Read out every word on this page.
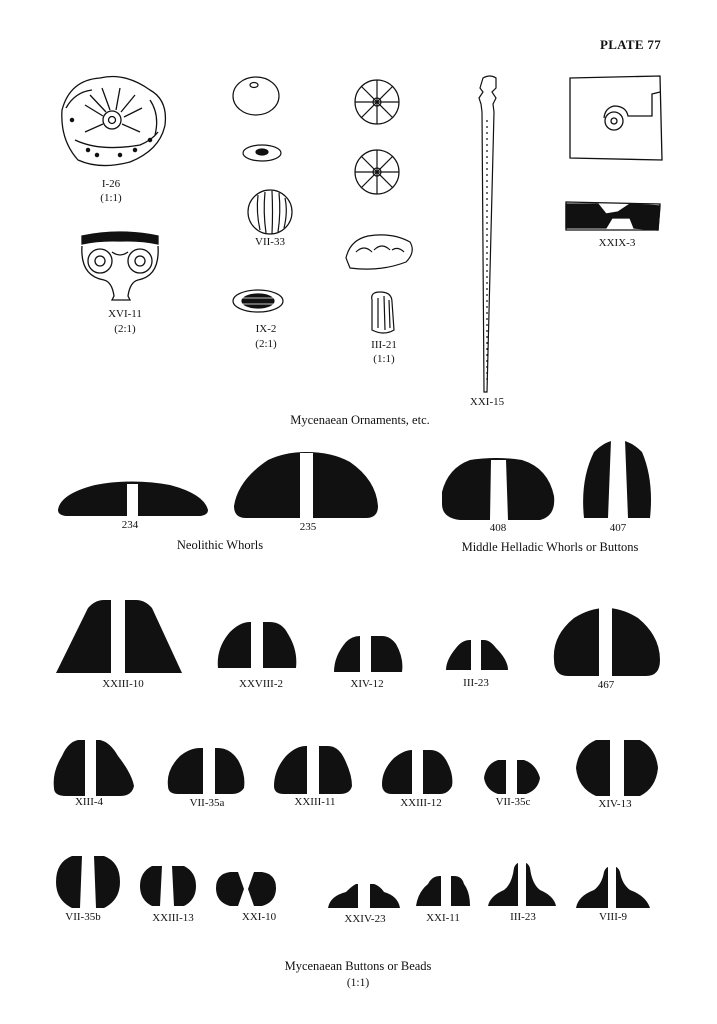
PLATE 77
I-26
(1:1)
XVI-11
(2:1)
VII-33
IX-2
(2:1)	III-21
(1:1)
XXI-15
XXIX-3
Mycenaean Ornaments, etc.
234	235	408	407
Neolithic Whorls	Middle Helladic Whorls or Buttons
XXIII-10	XXVIII-2	XIV-12	III-23	467
XIII-4	VII-35a	XXIII-11	XXIII-12	VII-35c	XIV-13
VII-35b	XXIII-13	XXI-10	XXIV-23	XXI-11	III-23	VIII-9
Mycenaean Buttons or Beads
(1:1)
